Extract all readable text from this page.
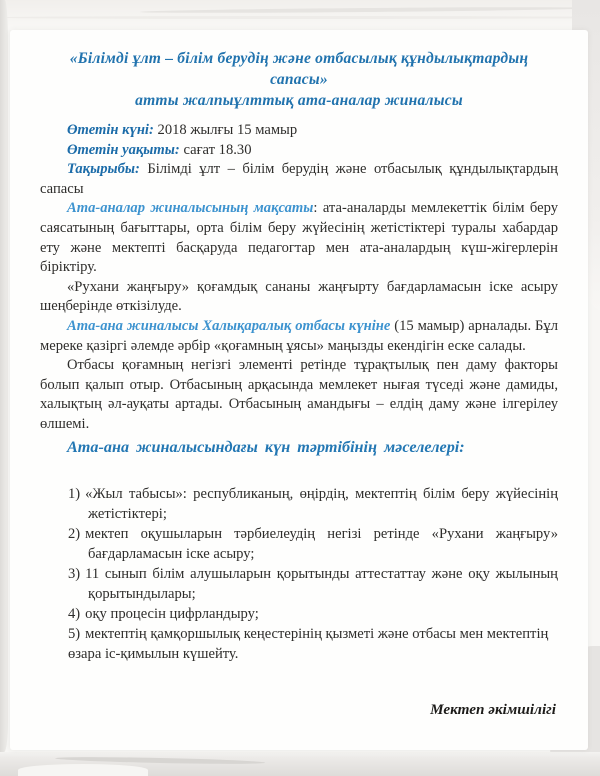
«Білімді ұлт – білім берудің және отбасылық құндылықтардың сапасы»
атты жалпыұлттық ата-аналар жиналысы

Өтетін күні: 2018 жылғы 15 мамыр

Өтетін уақыты: сағат 18.30

Тақырыбы: Білімді ұлт – білім берудің және отбасылық құндылықтардың сапасы

Ата-аналар жиналысының мақсаты: ата-аналарды мемлекеттік білім беру саясатының бағыттары, орта білім беру жүйесінің жетістіктері туралы хабардар ету және мектепті басқаруда педагогтар мен ата-аналардың күш-жігерлерін біріктіру.

«Рухани жаңғыру» қоғамдық сананы жаңғырту бағдарламасын іске асыру шеңберінде өткізілуде.

Ата-ана жиналысы Халықаралық отбасы күніне (15 мамыр) арналады. Бұл мереке қазіргі әлемде әрбір «қоғамның ұясы» маңызды екендігін еске салады.

Отбасы қоғамның негізгі элементі ретінде тұрақтылық пен даму факторы болып қалып отыр. Отбасының арқасында мемлекет нығая түседі және дамиды, халықтың әл-ауқаты артады. Отбасының амандығы – елдің даму және ілгерілеу өлшемі.

Ата-ана жиналысындағы күн тәртібінің мәселелері:

1) «Жыл табысы»: республиканың, өңірдің, мектептің білім беру жүйесінің жетістіктері;
2) мектеп оқушыларын тәрбиелеудің негізі ретінде «Рухани жаңғыру» бағдарламасын іске асыру;
3) 11 сынып білім алушыларын қорытынды аттестаттау және оқу жылының қорытындылары;
4) оқу процесін цифрландыру;
5) мектептің қамқоршылық кеңестерінің қызметі және отбасы мен мектептің өзара іс-қимылын күшейту.

Мектеп әкімшілігі
